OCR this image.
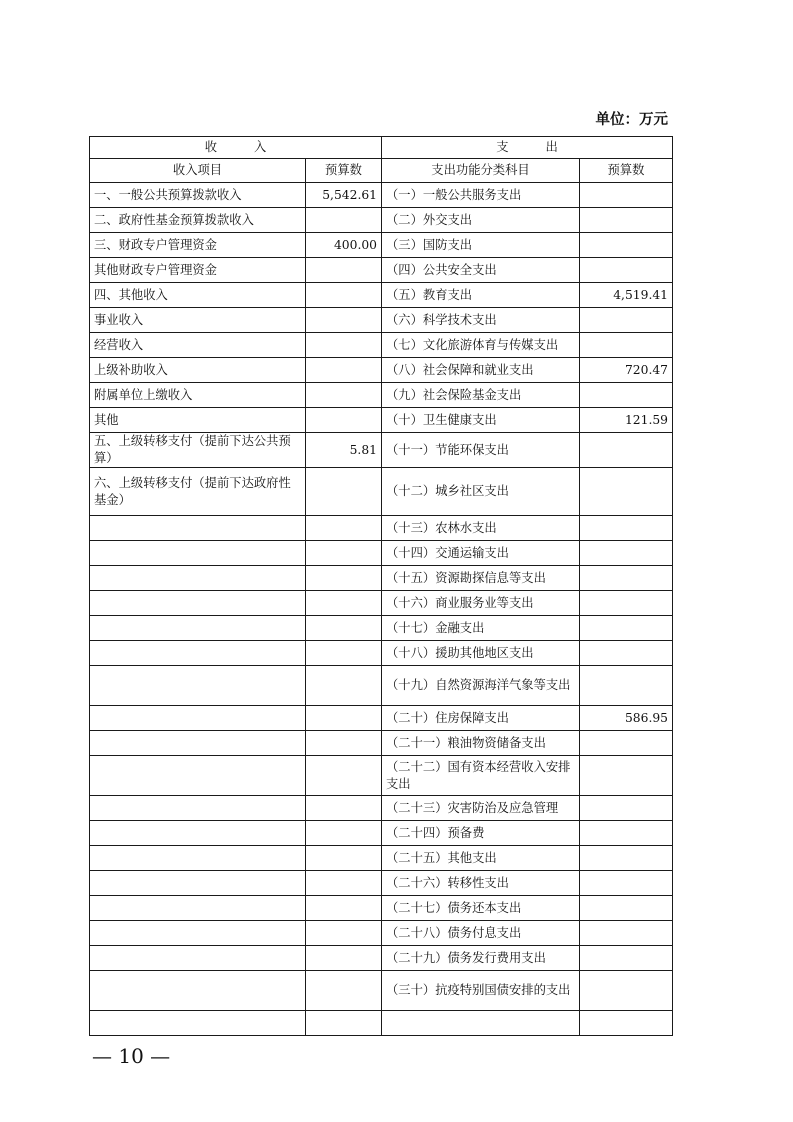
单位：万元
收　　　入		支　　　出	
收入项目	预算数	支出功能分类科目	预算数
一、一般公共预算拨款收入	5,542.61	（一）一般公共服务支出	
二、政府性基金预算拨款收入		（二）外交支出	
三、财政专户管理资金	400.00	（三）国防支出	
其他财政专户管理资金		（四）公共安全支出	
四、其他收入		（五）教育支出	4,519.41
事业收入		（六）科学技术支出	
经营收入		（七）文化旅游体育与传媒支出	
上级补助收入		（八）社会保障和就业支出	720.47
附属单位上缴收入		（九）社会保险基金支出	
其他		（十）卫生健康支出	121.59
五、上级转移支付（提前下达公共预算）	5.81	（十一）节能环保支出	
六、上级转移支付（提前下达政府性基金）		（十二）城乡社区支出	
		（十三）农林水支出	
		（十四）交通运输支出	
		（十五）资源勘探信息等支出	
		（十六）商业服务业等支出	
		（十七）金融支出	
		（十八）援助其他地区支出	
		（十九）自然资源海洋气象等支出	
		（二十）住房保障支出	586.95
		（二十一）粮油物资储备支出	
		（二十二）国有资本经营收入安排支出	
		（二十三）灾害防治及应急管理	
		（二十四）预备费	
		（二十五）其他支出	
		（二十六）转移性支出	
		（二十七）债务还本支出	
		（二十八）债务付息支出	
		（二十九）债务发行费用支出	
		（三十）抗疫特别国债安排的支出	

— 10 —
